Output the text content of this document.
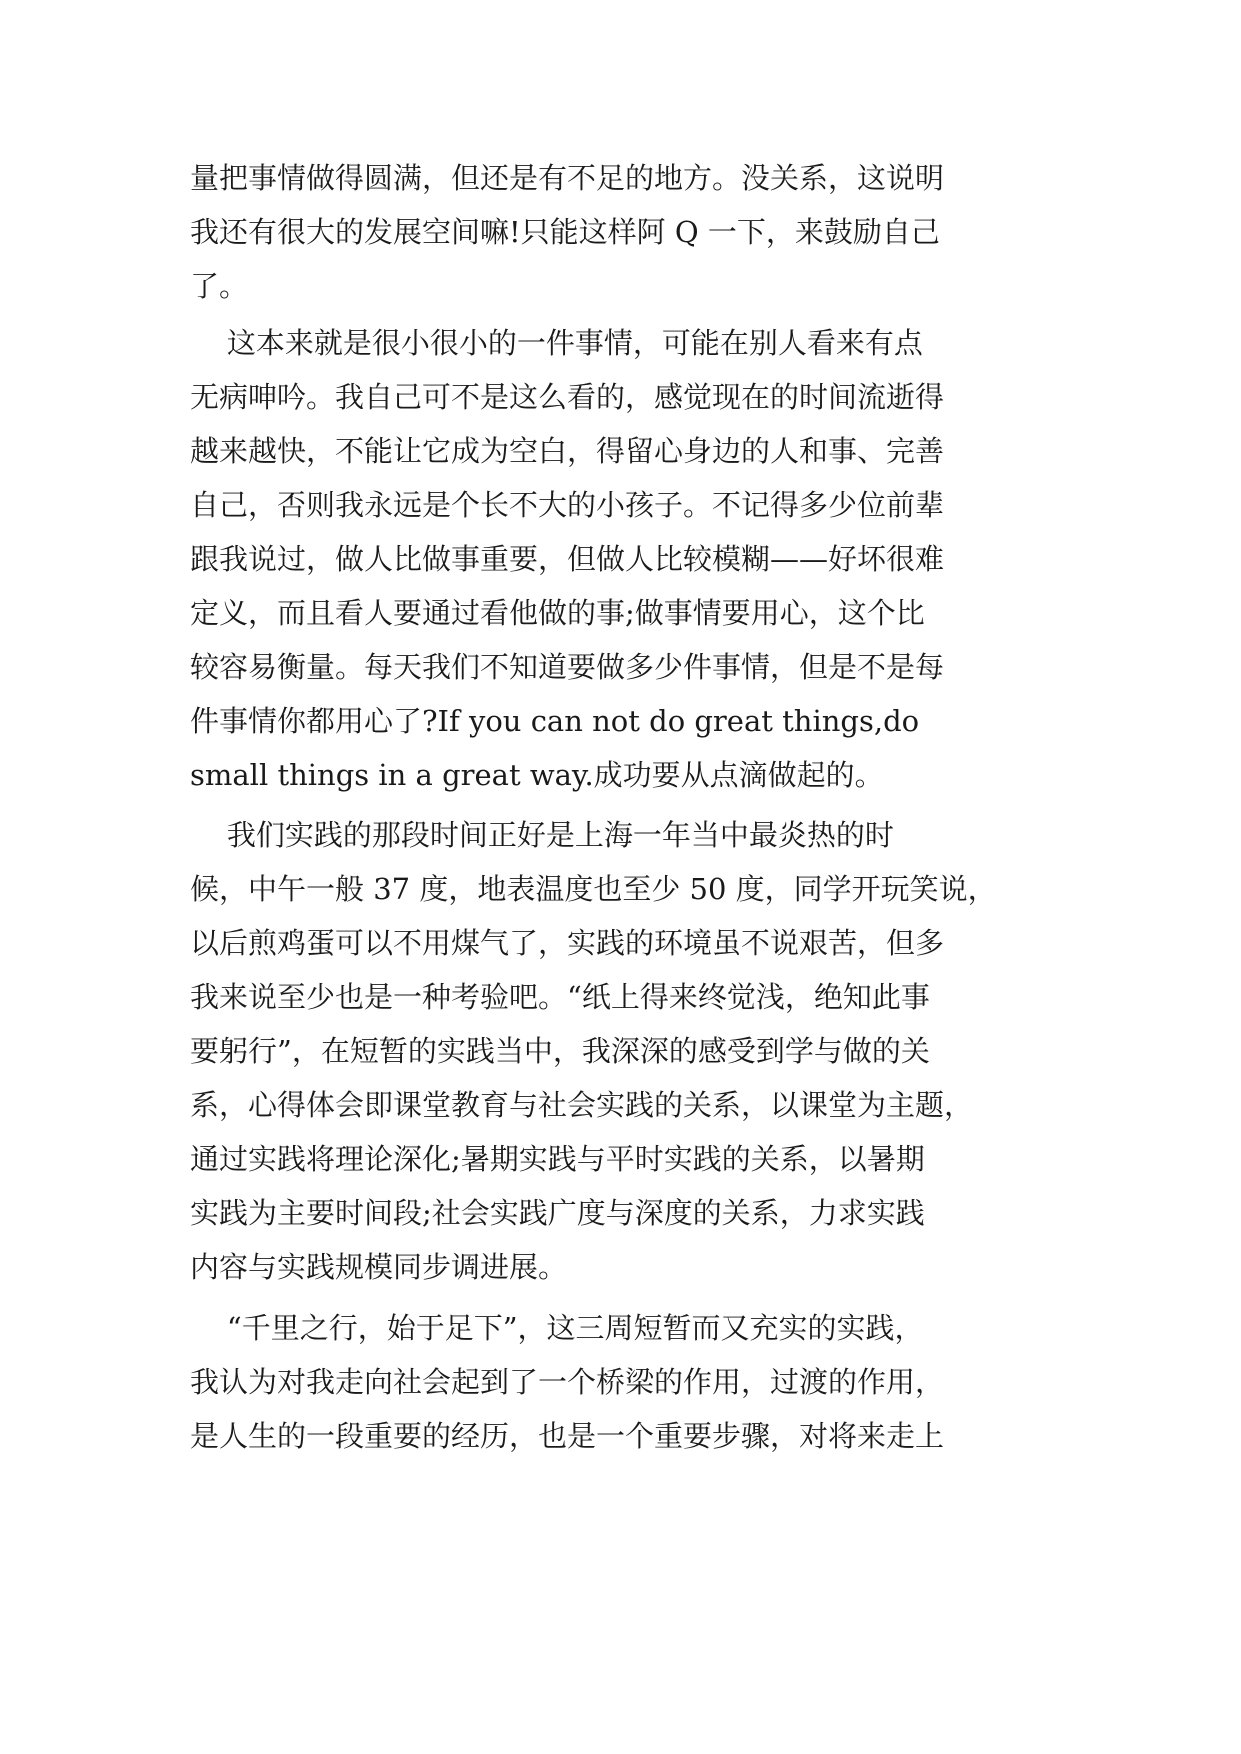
量把事情做得圆满，但还是有不足的地方。没关系，这说明
我还有很大的发展空间嘛!只能这样阿 Q 一下，来鼓励自己
了。
这本来就是很小很小的一件事情，可能在别人看来有点
无病呻吟。我自己可不是这么看的，感觉现在的时间流逝得
越来越快，不能让它成为空白，得留心身边的人和事、完善
自己，否则我永远是个长不大的小孩子。不记得多少位前辈
跟我说过，做人比做事重要，但做人比较模糊——好坏很难
定义，而且看人要通过看他做的事;做事情要用心，这个比
较容易衡量。每天我们不知道要做多少件事情，但是不是每
件事情你都用心了?If you can not do great things,do
small things in a great way.成功要从点滴做起的。
我们实践的那段时间正好是上海一年当中最炎热的时
候，中午一般 37 度，地表温度也至少 50 度，同学开玩笑说，
以后煎鸡蛋可以不用煤气了，实践的环境虽不说艰苦，但多
我来说至少也是一种考验吧。“纸上得来终觉浅，绝知此事
要躬行”，在短暂的实践当中，我深深的感受到学与做的关
系，心得体会即课堂教育与社会实践的关系，以课堂为主题，
通过实践将理论深化;暑期实践与平时实践的关系，以暑期
实践为主要时间段;社会实践广度与深度的关系，力求实践
内容与实践规模同步调进展。
“千里之行，始于足下”，这三周短暂而又充实的实践，
我认为对我走向社会起到了一个桥梁的作用，过渡的作用，
是人生的一段重要的经历，也是一个重要步骤，对将来走上
